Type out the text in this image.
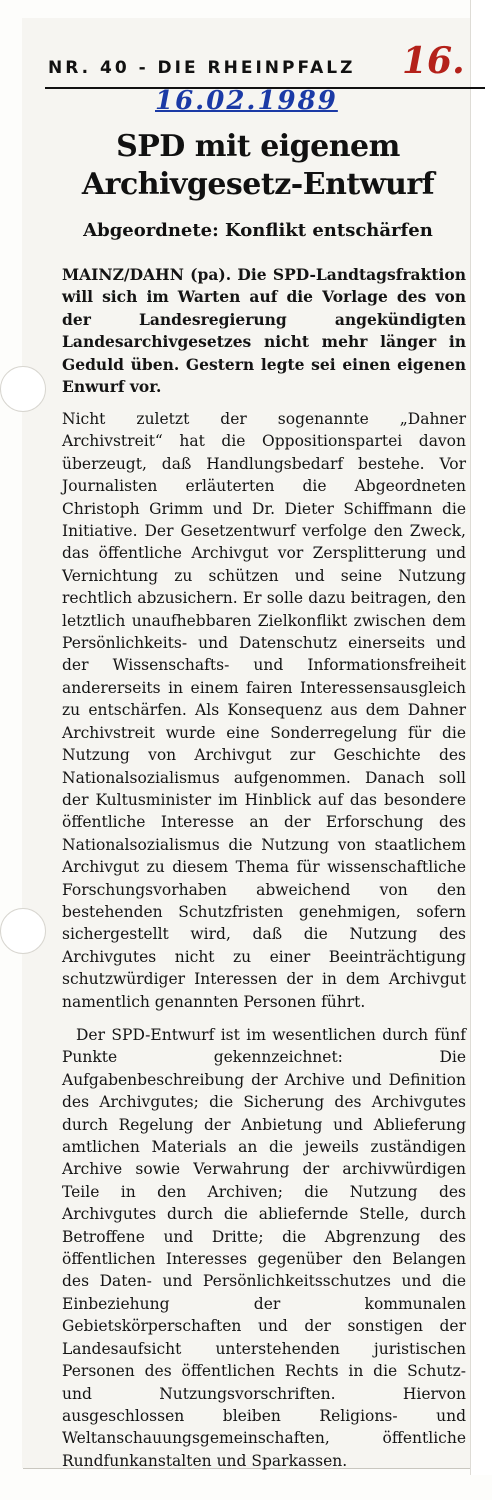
NR. 40 - DIE RHEINPFALZ 16.
16.02.1989
SPD mit eigenem Archivgesetz-Entwurf
Abgeordnete: Konflikt entschärfen
MAINZ/DAHN (pa). Die SPD-Landtagsfraktion will sich im Warten auf die Vorlage des von der Landesregierung angekündigten Landesarchivgesetzes nicht mehr länger in Geduld üben. Gestern legte sei einen eigenen Enwurf vor.
Nicht zuletzt der sogenannte „Dahner Archivstreit“ hat die Oppositionspartei davon überzeugt, daß Handlungsbedarf bestehe. Vor Journalisten erläuterten die Abgeordneten Christoph Grimm und Dr. Dieter Schiffmann die Initiative. Der Gesetzentwurf verfolge den Zweck, das öffentliche Archivgut vor Zersplitterung und Vernichtung zu schützen und seine Nutzung rechtlich abzusichern. Er solle dazu beitragen, den letztlich unaufhebbaren Zielkonflikt zwischen dem Persönlichkeits- und Datenschutz einerseits und der Wissenschafts- und Informationsfreiheit andererseits in einem fairen Interessensausgleich zu entschärfen. Als Konsequenz aus dem Dahner Archivstreit wurde eine Sonderregelung für die Nutzung von Archivgut zur Geschichte des Nationalsozialismus aufgenommen. Danach soll der Kultusminister im Hinblick auf das besondere öffentliche Interesse an der Erforschung des Nationalsozialismus die Nutzung von staatlichem Archivgut zu diesem Thema für wissenschaftliche Forschungsvorhaben abweichend von den bestehenden Schutzfristen genehmigen, sofern sichergestellt wird, daß die Nutzung des Archivgutes nicht zu einer Beeinträchtigung schutzwürdiger Interessen der in dem Archivgut namentlich genannten Personen führt.
Der SPD-Entwurf ist im wesentlichen durch fünf Punkte gekennzeichnet: Die Aufgabenbeschreibung der Archive und Definition des Archivgutes; die Sicherung des Archivgutes durch Regelung der Anbietung und Ablieferung amtlichen Materials an die jeweils zuständigen Archive sowie Verwahrung der archivwürdigen Teile in den Archiven; die Nutzung des Archivgutes durch die abliefernde Stelle, durch Betroffene und Dritte; die Abgrenzung des öffentlichen Interesses gegenüber den Belangen des Daten- und Persönlichkeitsschutzes und die Einbeziehung der kommunalen Gebietskörperschaften und der sonstigen der Landesaufsicht unterstehenden juristischen Personen des öffentlichen Rechts in die Schutz- und Nutzungsvorschriften. Hiervon ausgeschlossen bleiben Religions- und Weltanschauungsgemeinschaften, öffentliche Rundfunkanstalten und Sparkassen.
